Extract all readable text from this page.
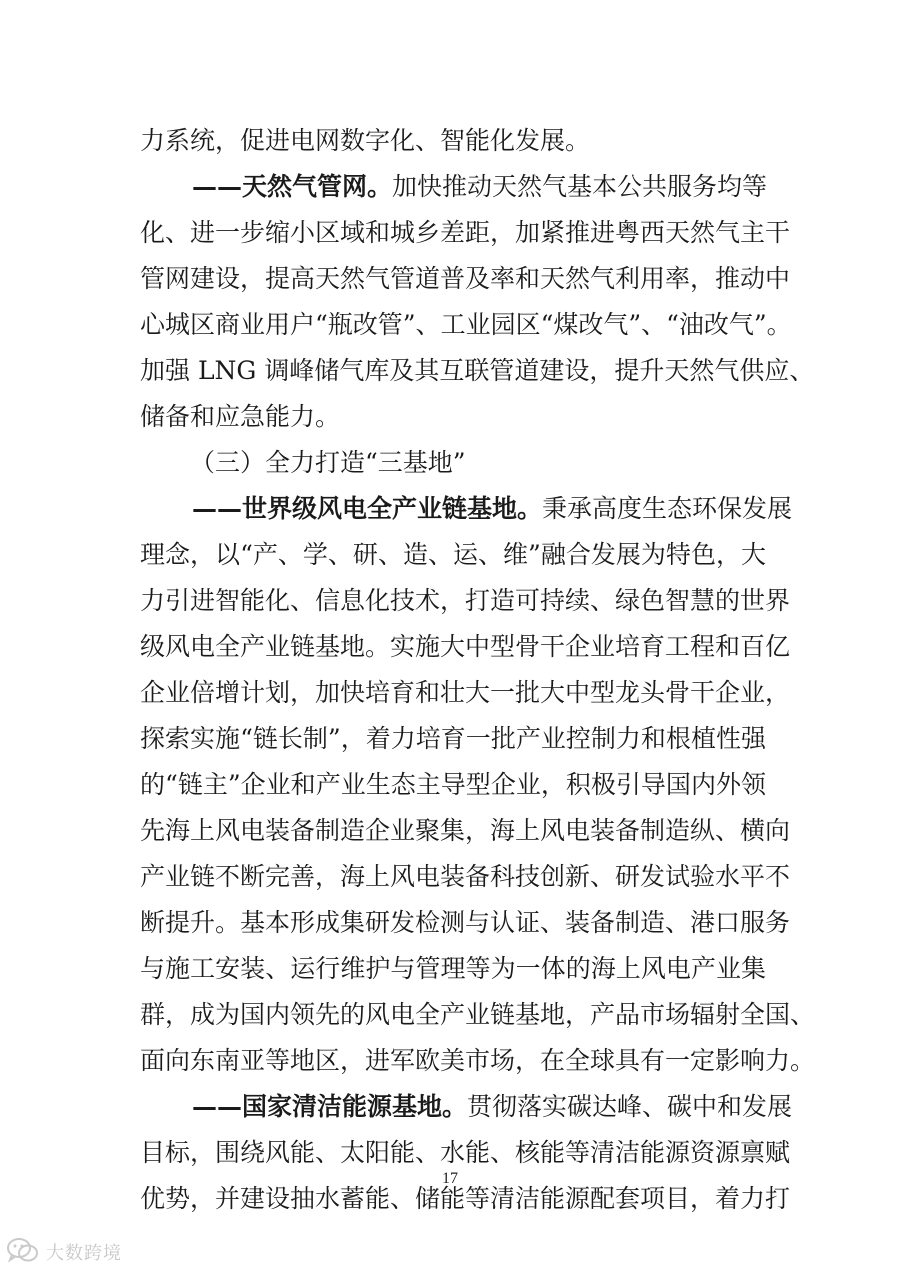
力系统，促进电网数字化、智能化发展。
——天然气管网。加快推动天然气基本公共服务均等
化、进一步缩小区域和城乡差距，加紧推进粤西天然气主干
管网建设，提高天然气管道普及率和天然气利用率，推动中
心城区商业用户“瓶改管”、工业园区“煤改气”、“油改气”。
加强 LNG 调峰储气库及其互联管道建设，提升天然气供应、
储备和应急能力。
（三）全力打造“三基地”
——世界级风电全产业链基地。秉承高度生态环保发展
理念，以“产、学、研、造、运、维”融合发展为特色，大
力引进智能化、信息化技术，打造可持续、绿色智慧的世界
级风电全产业链基地。实施大中型骨干企业培育工程和百亿
企业倍增计划，加快培育和壮大一批大中型龙头骨干企业，
探索实施“链长制”，着力培育一批产业控制力和根植性强
的“链主”企业和产业生态主导型企业，积极引导国内外领
先海上风电装备制造企业聚集，海上风电装备制造纵、横向
产业链不断完善，海上风电装备科技创新、研发试验水平不
断提升。基本形成集研发检测与认证、装备制造、港口服务
与施工安装、运行维护与管理等为一体的海上风电产业集
群，成为国内领先的风电全产业链基地，产品市场辐射全国、
面向东南亚等地区，进军欧美市场，在全球具有一定影响力。
——国家清洁能源基地。贯彻落实碳达峰、碳中和发展
目标，围绕风能、太阳能、水能、核能等清洁能源资源禀赋
优势，并建设抽水蓄能、储能等清洁能源配套项目，着力打
17
大数跨境
